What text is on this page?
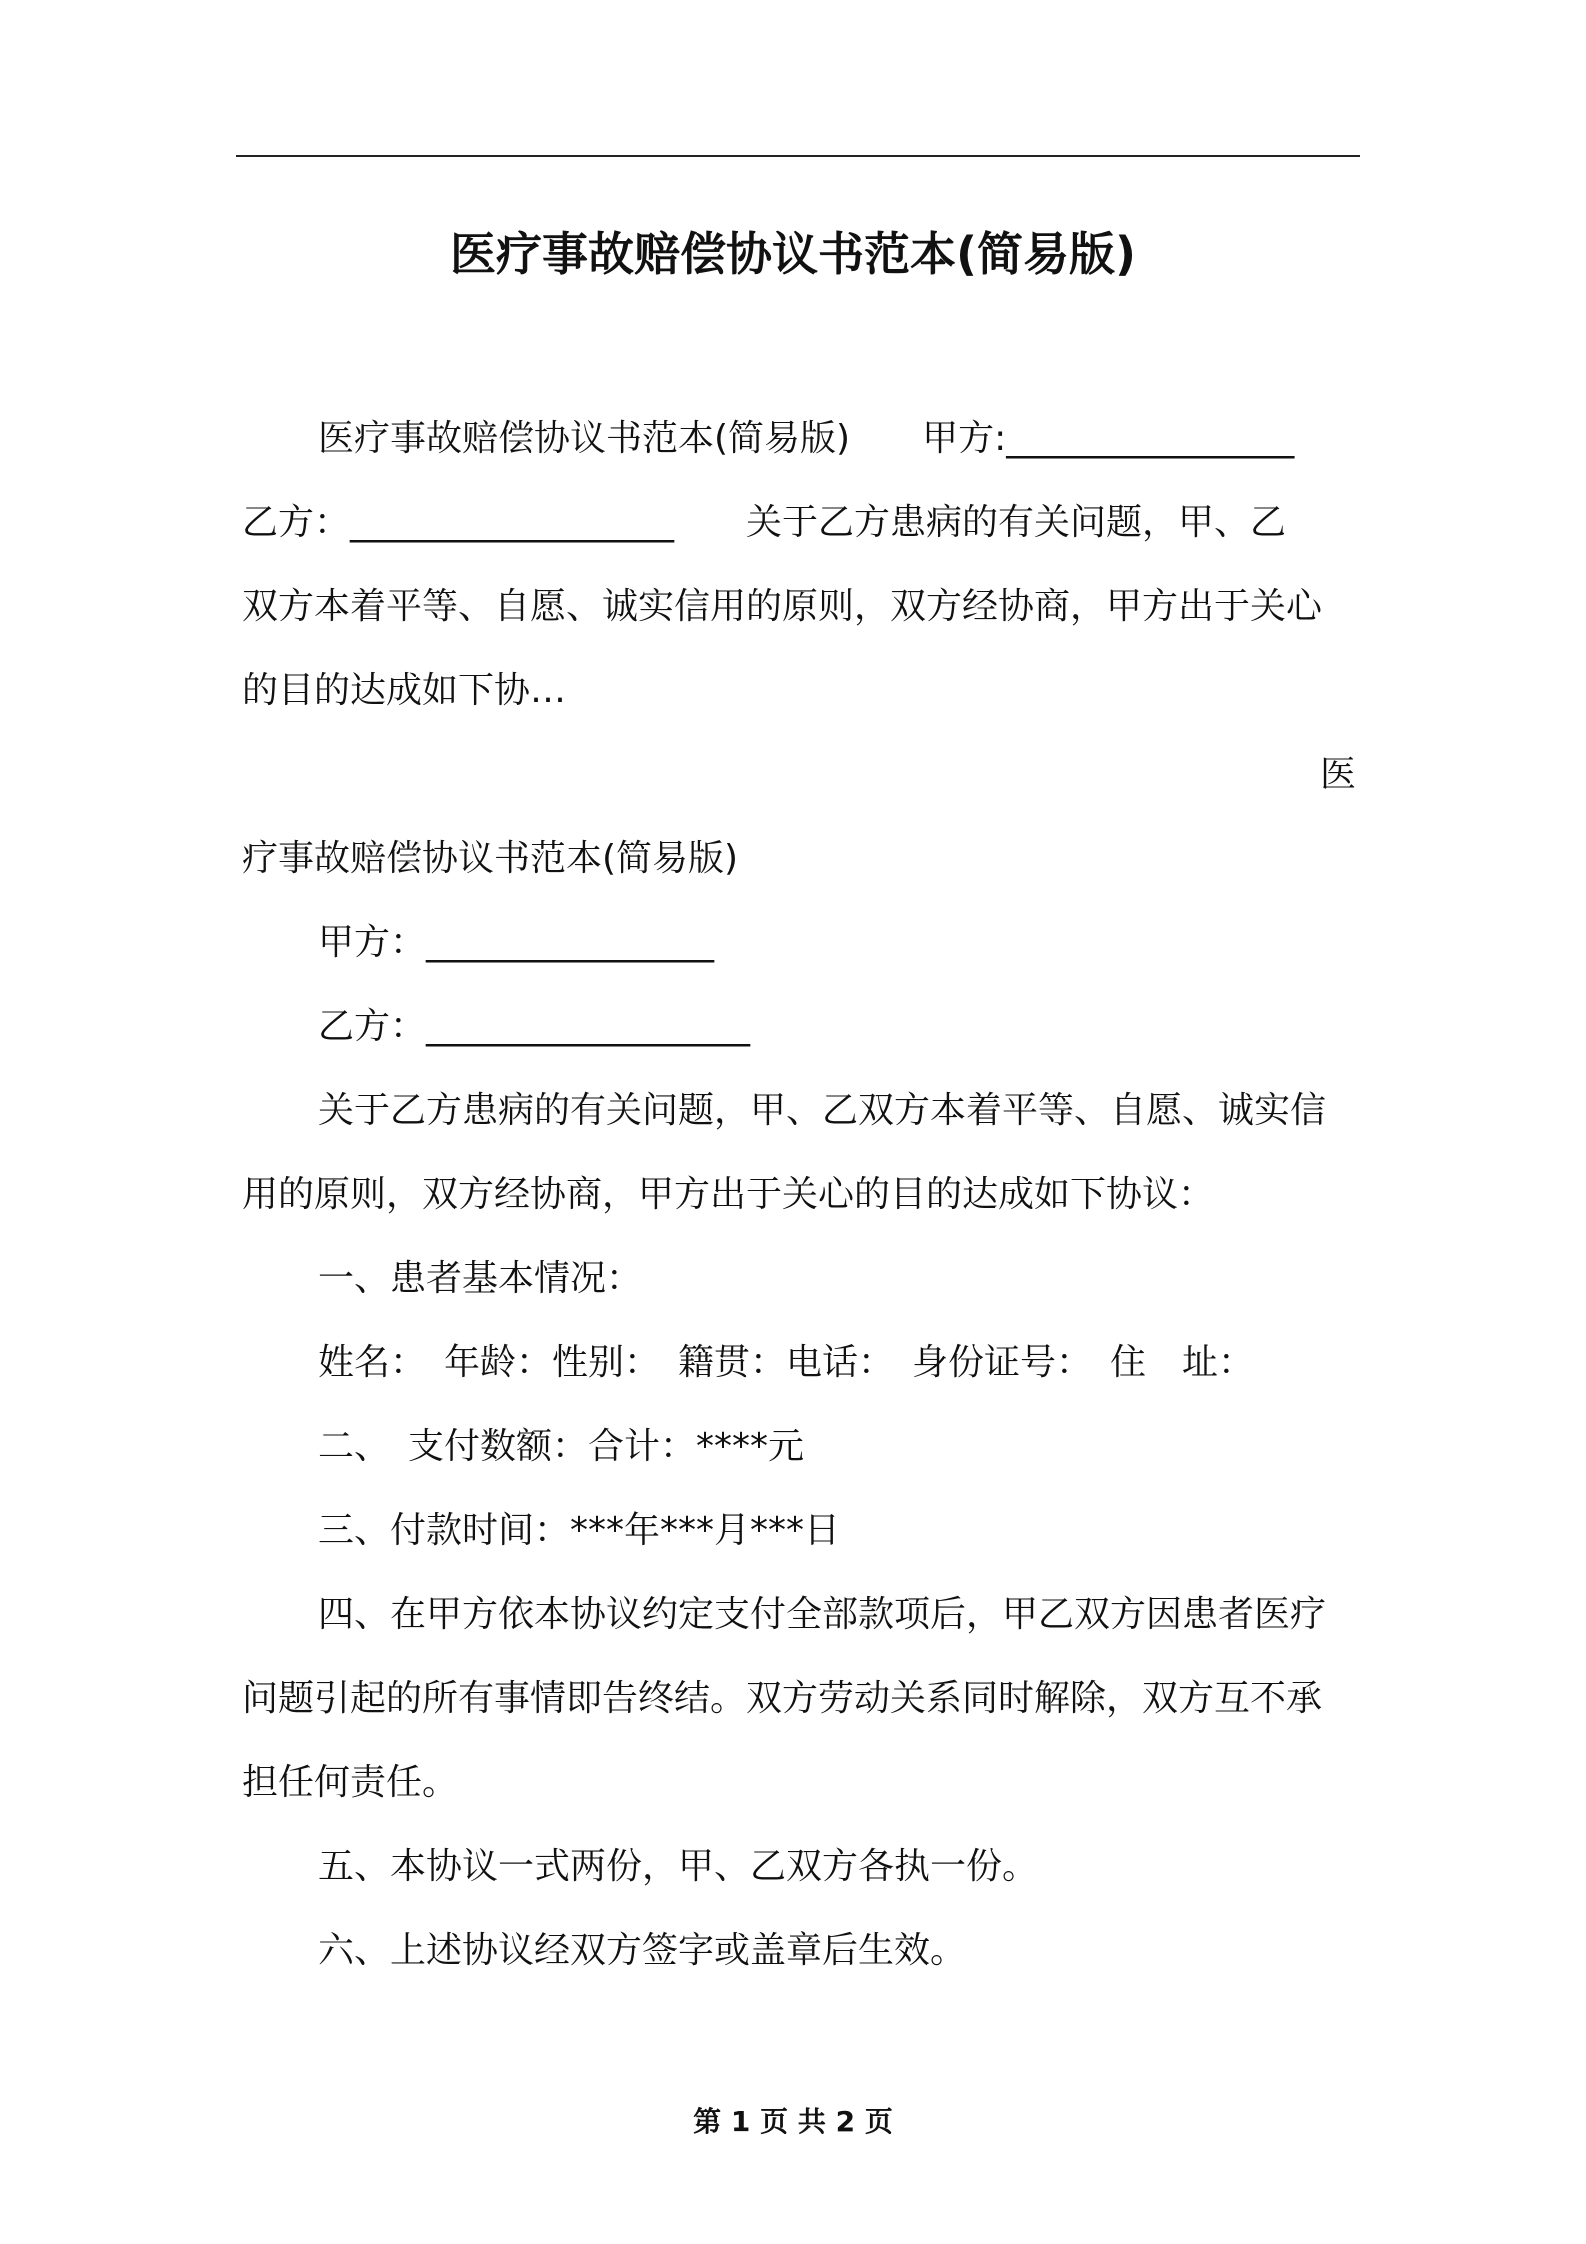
医疗事故赔偿协议书范本(简易版)
医疗事故赔偿协议书范本(简易版)　　甲方:________________
乙方：__________________　　关于乙方患病的有关问题，甲、乙
双方本着平等、自愿、诚实信用的原则，双方经协商，甲方出于关心
的目的达成如下协…
医
疗事故赔偿协议书范本(简易版)
甲方：________________
乙方：__________________
关于乙方患病的有关问题，甲、乙双方本着平等、自愿、诚实信
用的原则，双方经协商，甲方出于关心的目的达成如下协议：
一、患者基本情况：
姓名：　年龄：性别：　籍贯：电话：　身份证号：　住　址：
二、　支付数额：合计：****元
三、付款时间：***年***月***日
四、在甲方依本协议约定支付全部款项后，甲乙双方因患者医疗
问题引起的所有事情即告终结。双方劳动关系同时解除，双方互不承
担任何责任。
五、本协议一式两份，甲、乙双方各执一份。
六、上述协议经双方签字或盖章后生效。
第 1 页 共 2 页
